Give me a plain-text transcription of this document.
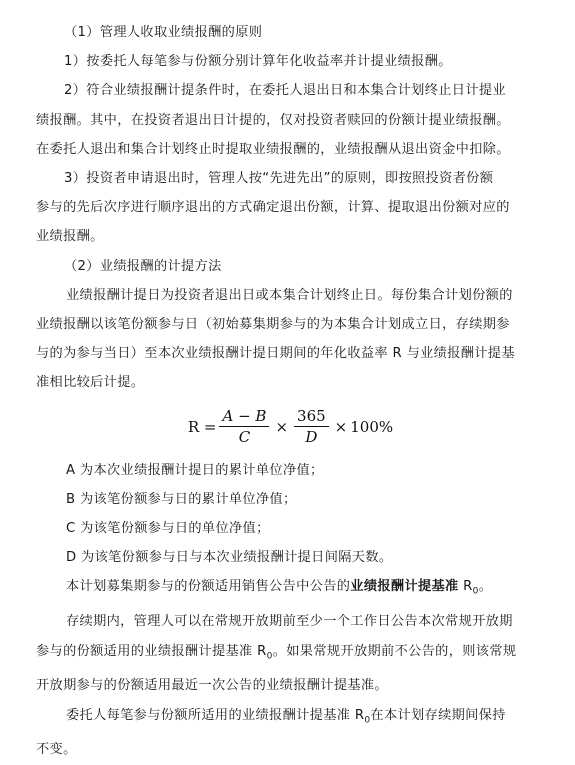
（1）管理人收取业绩报酬的原则

1）按委托人每笔参与份额分别计算年化收益率并计提业绩报酬。

2）符合业绩报酬计提条件时，在委托人退出日和本集合计划终止日计提业

绩报酬。其中，在投资者退出日计提的，仅对投资者赎回的份额计提业绩报酬。

在委托人退出和集合计划终止时提取业绩报酬的，业绩报酬从退出资金中扣除。

3）投资者申请退出时，管理人按“先进先出”的原则，即按照投资者份额

参与的先后次序进行顺序退出的方式确定退出份额，计算、提取退出份额对应的

业绩报酬。

（2）业绩报酬的计提方法

业绩报酬计提日为投资者退出日或本集合计划终止日。每份集合计划份额的

业绩报酬以该笔份额参与日（初始募集期参与的为本集合计划成立日，存续期参

与的为参与当日）至本次业绩报酬计提日期间的年化收益率 R 与业绩报酬计提基

准相比较后计提。

$R = \frac{A - B}{C} \times \frac{365}{D} \times 100\%$

A 为本次业绩报酬计提日的累计单位净值；

B 为该笔份额参与日的累计单位净值；

C 为该笔份额参与日的单位净值；

D 为该笔份额参与日与本次业绩报酬计提日间隔天数。

本计划募集期参与的份额适用销售公告中公告的业绩报酬计提基准 $R_0$。

存续期内，管理人可以在常规开放期前至少一个工作日公告本次常规开放期

参与的份额适用的业绩报酬计提基准 $R_0$。如果常规开放期前不公告的，则该常规

开放期参与的份额适用最近一次公告的业绩报酬计提基准。

委托人每笔参与份额所适用的业绩报酬计提基准 $R_0$在本计划存续期间保持

不变。
